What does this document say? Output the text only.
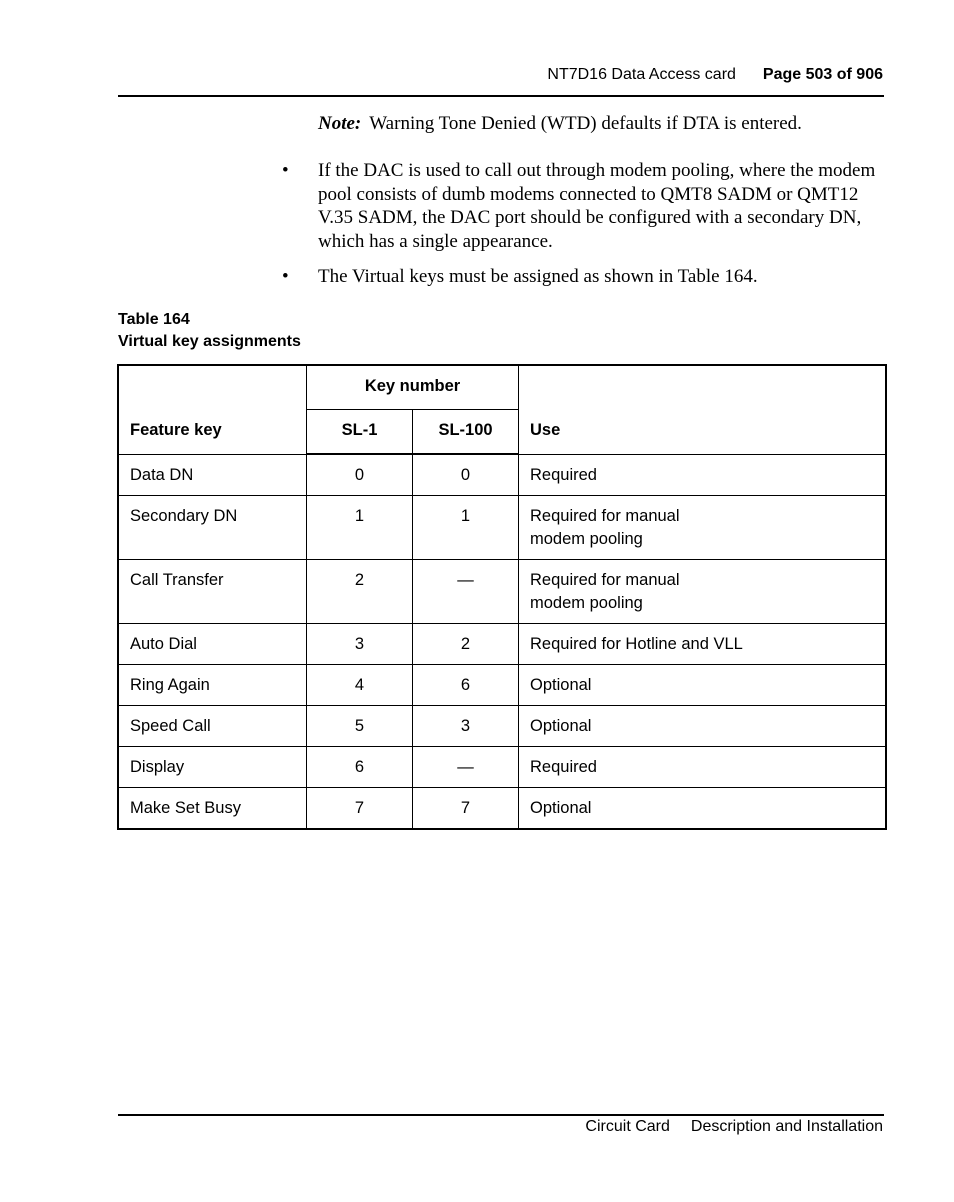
NT7D16 Data Access card Page 503 of 906
Note: Warning Tone Denied (WTD) defaults if DTA is entered.
•	If the DAC is used to call out through modem pooling, where the modem pool consists of dumb modems connected to QMT8 SADM or QMT12 V.35 SADM, the DAC port should be configured with a secondary DN, which has a single appearance.
•	The Virtual keys must be assigned as shown in Table 164.
Table 164
Virtual key assignments
Feature key	Key number		Use
	SL-1	SL-100	
Data DN	0	0	Required
Secondary DN	1	1	Required for manual modem pooling
Call Transfer	2	—	Required for manual modem pooling
Auto Dial	3	2	Required for Hotline and VLL
Ring Again	4	6	Optional
Speed Call	5	3	Optional
Display	6	—	Required
Make Set Busy	7	7	Optional
Circuit Card Description and Installation
